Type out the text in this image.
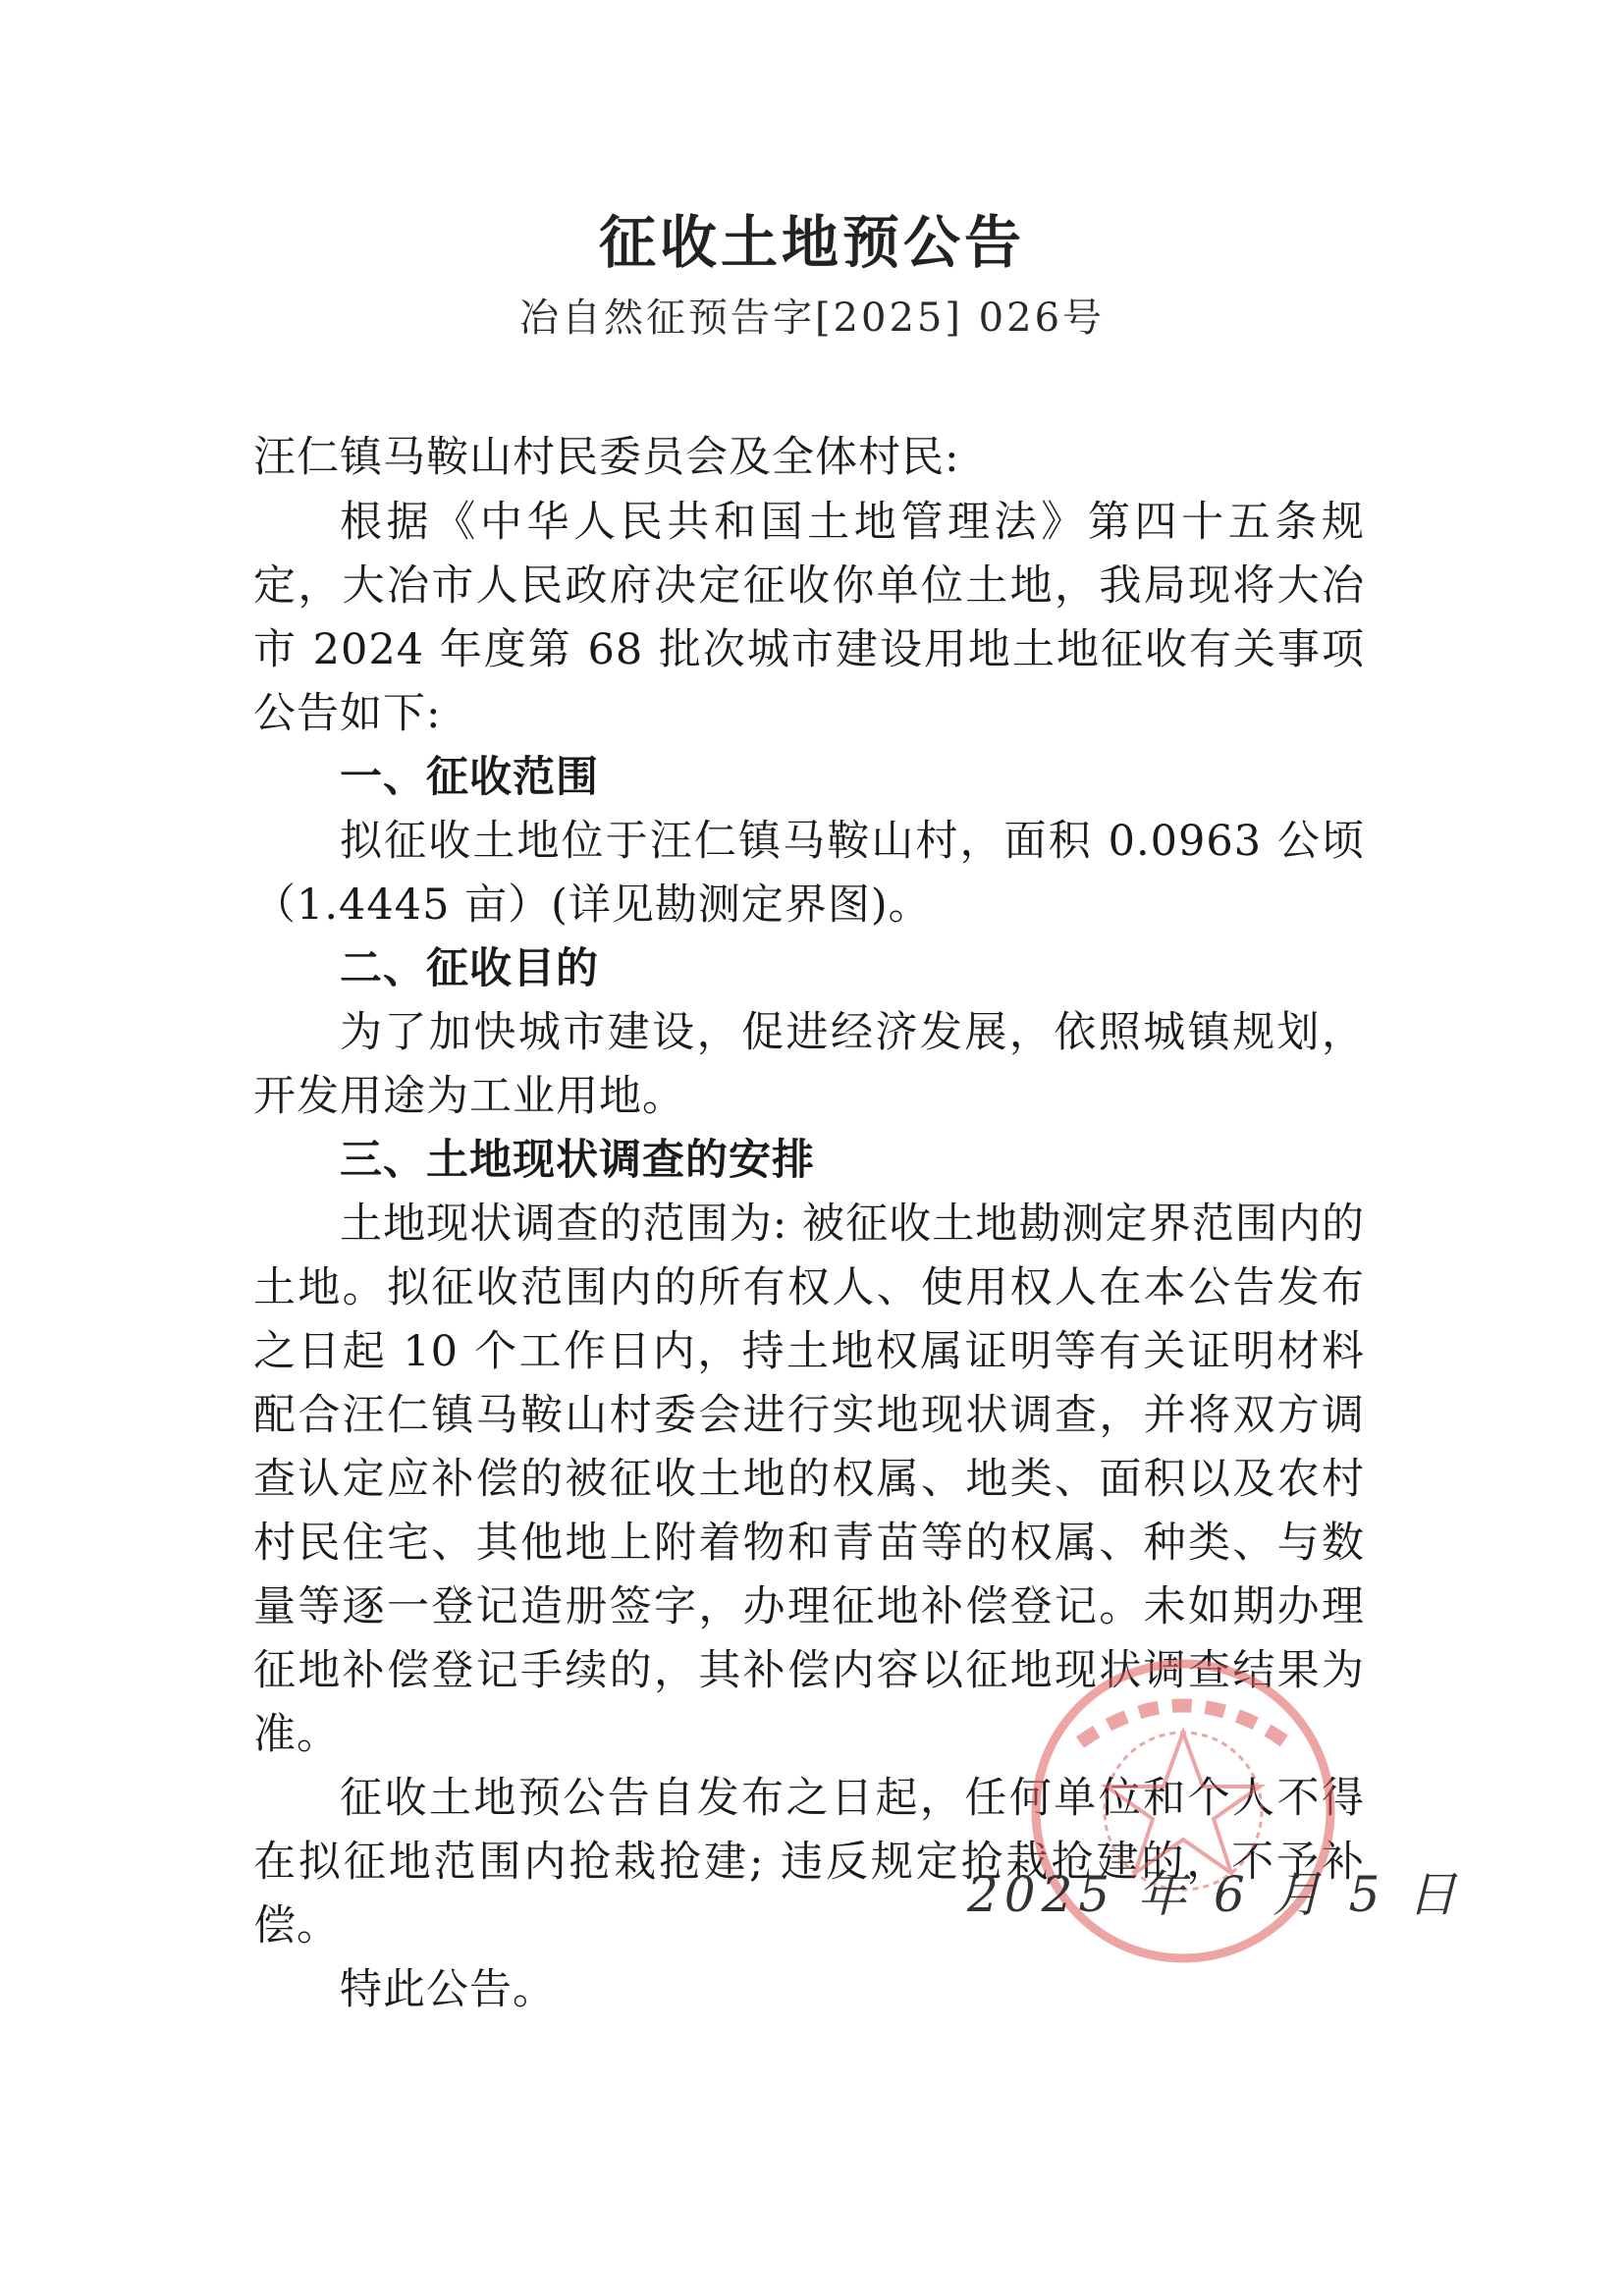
征收土地预公告
冶自然征预告字[2025] 026号
汪仁镇马鞍山村民委员会及全体村民:

根据《中华人民共和国土地管理法》第四十五条规定，大冶市人民政府决定征收你单位土地，我局现将大冶市 2024 年度第 68 批次城市建设用地土地征收有关事项公告如下:

一、征收范围

拟征收土地位于汪仁镇马鞍山村，面积 0.0963 公顷（1.4445 亩）(详见勘测定界图)。

二、征收目的

为了加快城市建设，促进经济发展，依照城镇规划，开发用途为工业用地。

三、土地现状调查的安排

土地现状调查的范围为: 被征收土地勘测定界范围内的土地。拟征收范围内的所有权人、使用权人在本公告发布之日起 10 个工作日内，持土地权属证明等有关证明材料配合汪仁镇马鞍山村委会进行实地现状调查，并将双方调查认定应补偿的被征收土地的权属、地类、面积以及农村村民住宅、其他地上附着物和青苗等的权属、种类、与数量等逐一登记造册签字，办理征地补偿登记。未如期办理征地补偿登记手续的，其补偿内容以征地现状调查结果为准。

征收土地预公告自发布之日起，任何单位和个人不得在拟征地范围内抢栽抢建; 违反规定抢栽抢建的，不予补偿。

特此公告。

2025 年 6 月 5 日
